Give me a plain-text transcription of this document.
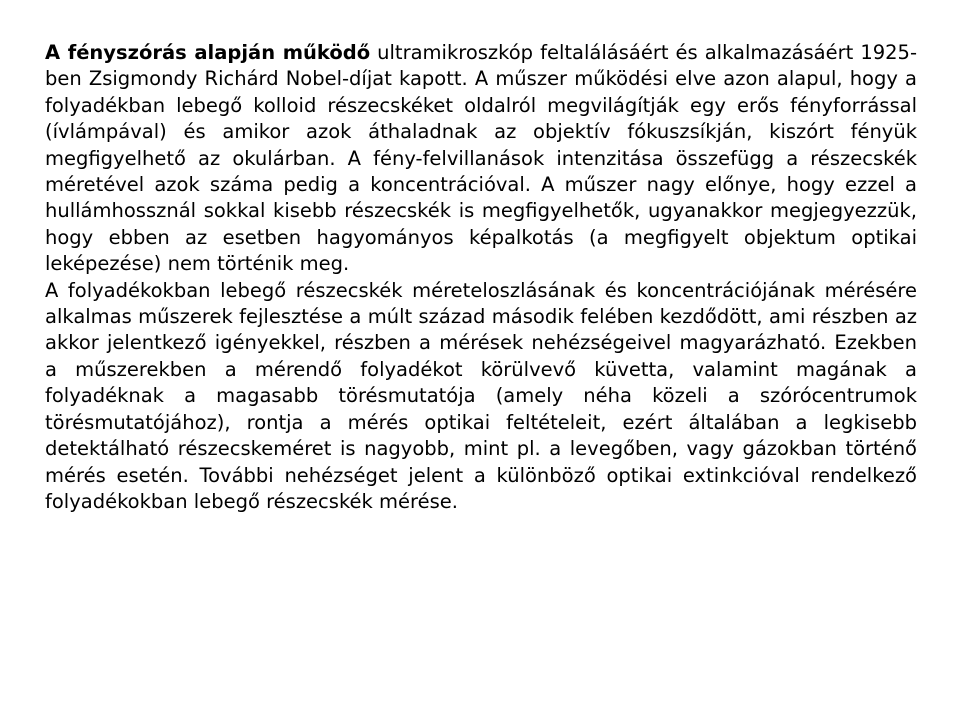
A fényszórás alapján működő ultramikroszkóp feltalálásáért és alkalmazásáért 1925-ben Zsigmondy Richárd Nobel-díjat kapott. A műszer működési elve azon alapul, hogy a folyadékban lebegő kolloid részecskéket oldalról megvilágítják egy erős fényforrással (ívlámpával) és amikor azok áthaladnak az objektív fókuszsíkján, kiszórt fényük megfigyelhető az okulárban. A fény-felvillanások intenzitása összefügg a részecskék méretével azok száma pedig a koncentrációval. A műszer nagy előnye, hogy ezzel a hullámhossznál sokkal kisebb részecskék is megfigyelhetők, ugyanakkor megjegyezzük, hogy ebben az esetben hagyományos képalkotás (a megfigyelt objektum optikai leképezése) nem történik meg.

A folyadékokban lebegő részecskék méreteloszlásának és koncentrációjának mérésére alkalmas műszerek fejlesztése a múlt század második felében kezdődött, ami részben az akkor jelentkező igényekkel, részben a mérések nehézségeivel magyarázható. Ezekben a műszerekben a mérendő folyadékot körülvevő küvetta, valamint magának a folyadéknak a magasabb törésmutatója (amely néha közeli a szórócentrumok törésmutatójához), rontja a mérés optikai feltételeit, ezért általában a legkisebb detektálható részecskeméret is nagyobb, mint pl. a levegőben, vagy gázokban történő mérés esetén. További nehézséget jelent a különböző optikai extinkcióval rendelkező folyadékokban lebegő részecskék mérése.
